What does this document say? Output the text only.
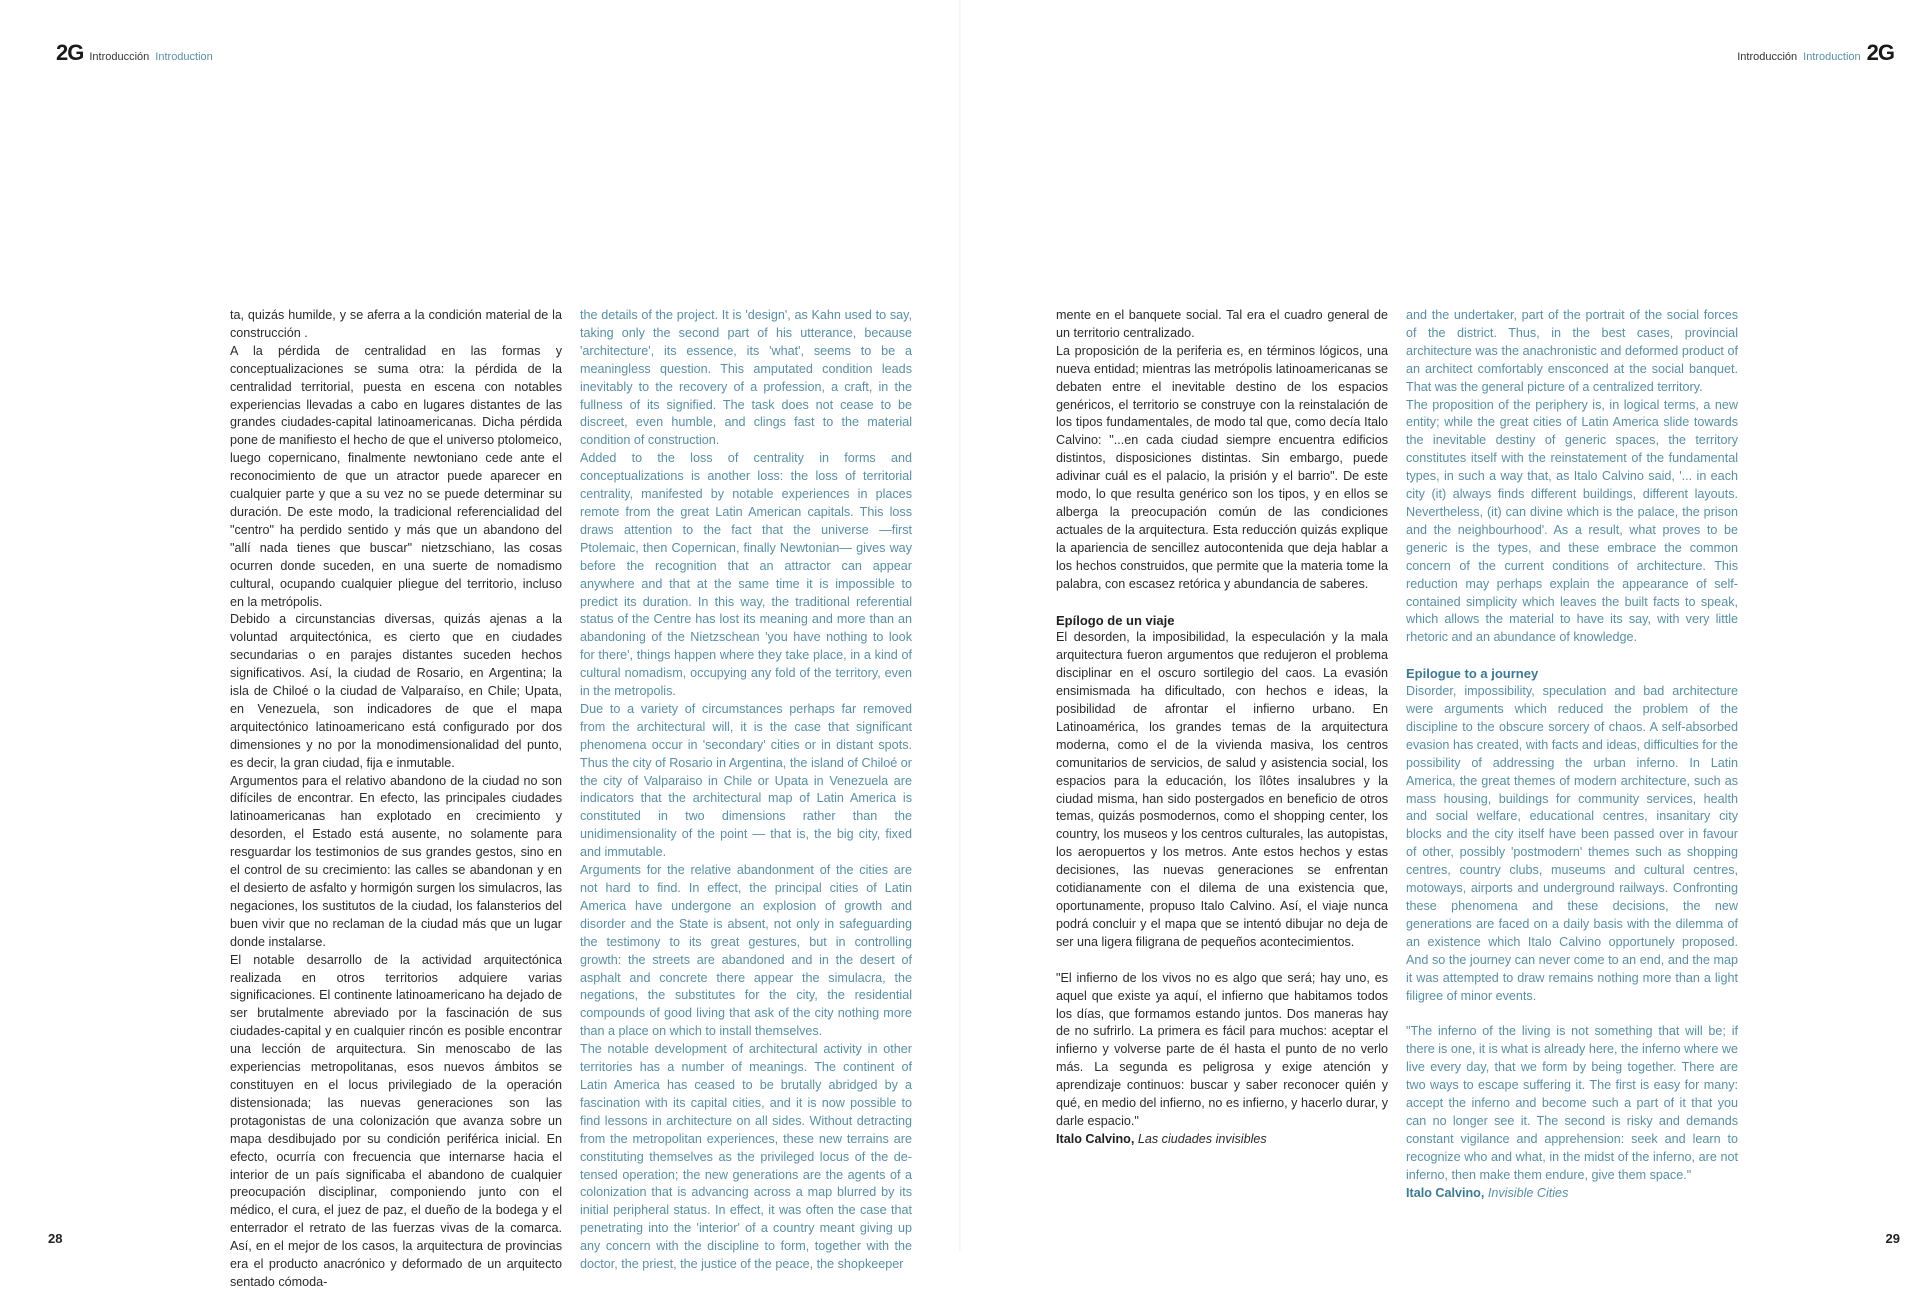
2G Introducción Introduction	Introducción Introduction 2G

ta, quizás humilde, y se aferra a la condición material de la construcción .

A la pérdida de centralidad en las formas y conceptualizaciones se suma otra: la pérdida de la centralidad territorial, puesta en escena con notables experiencias llevadas a cabo en lugares distantes de las grandes ciudades-capital latinoamericanas. Dicha pérdida pone de manifiesto el hecho de que el universo ptolomeico, luego copernicano, finalmente newtoniano cede ante el reconocimiento de que un atractor puede aparecer en cualquier parte y que a su vez no se puede determinar su duración. De este modo, la tradicional referencialidad del "centro" ha perdido sentido y más que un abandono del "allí nada tienes que buscar" nietzschiano, las cosas ocurren donde suceden, en una suerte de nomadismo cultural, ocupando cualquier pliegue del territorio, incluso en la metrópolis.

Debido a circunstancias diversas, quizás ajenas a la voluntad arquitectónica, es cierto que en ciudades secundarias o en parajes distantes suceden hechos significativos. Así, la ciudad de Rosario, en Argentina; la isla de Chiloé o la ciudad de Valparaíso, en Chile; Upata, en Venezuela, son indicadores de que el mapa arquitectónico latinoamericano está configurado por dos dimensiones y no por la monodimensionalidad del punto, es decir, la gran ciudad, fija e inmutable.

Argumentos para el relativo abandono de la ciudad no son difíciles de encontrar. En efecto, las principales ciudades latinoamericanas han explotado en crecimiento y desorden, el Estado está ausente, no solamente para resguardar los testimonios de sus grandes gestos, sino en el control de su crecimiento: las calles se abandonan y en el desierto de asfalto y hormigón surgen los simulacros, las negaciones, los sustitutos de la ciudad, los falansterios del buen vivir que no reclaman de la ciudad más que un lugar donde instalarse.

El notable desarrollo de la actividad arquitectónica realizada en otros territorios adquiere varias significaciones. El continente latinoamericano ha dejado de ser brutalmente abreviado por la fascinación de sus ciudades-capital y en cualquier rincón es posible encontrar una lección de arquitectura. Sin menoscabo de las experiencias metropolitanas, esos nuevos ámbitos se constituyen en el locus privilegiado de la operación distensionada; las nuevas generaciones son las protagonistas de una colonización que avanza sobre un mapa desdibujado por su condición periférica inicial. En efecto, ocurría con frecuencia que internarse hacia el interior de un país significaba el abandono de cualquier preocupación disciplinar, componiendo junto con el médico, el cura, el juez de paz, el dueño de la bodega y el enterrador el retrato de las fuerzas vivas de la comarca. Así, en el mejor de los casos, la arquitectura de provincias era el producto anacrónico y deformado de un arquitecto sentado cómoda-

the details of the project. It is 'design', as Kahn used to say, taking only the second part of his utterance, because 'architecture', its essence, its 'what', seems to be a meaningless question. This amputated condition leads inevitably to the recovery of a profession, a craft, in the fullness of its signified. The task does not cease to be discreet, even humble, and clings fast to the material condition of construction.

Added to the loss of centrality in forms and conceptualizations is another loss: the loss of territorial centrality, manifested by notable experiences in places remote from the great Latin American capitals. This loss draws attention to the fact that the universe —first Ptolemaic, then Copernican, finally Newtonian— gives way before the recognition that an attractor can appear anywhere and that at the same time it is impossible to predict its duration. In this way, the traditional referential status of the Centre has lost its meaning and more than an abandoning of the Nietzschean 'you have nothing to look for there', things happen where they take place, in a kind of cultural nomadism, occupying any fold of the territory, even in the metropolis.

Due to a variety of circumstances perhaps far removed from the architectural will, it is the case that significant phenomena occur in 'secondary' cities or in distant spots. Thus the city of Rosario in Argentina, the island of Chiloé or the city of Valparaiso in Chile or Upata in Venezuela are indicators that the architectural map of Latin America is constituted in two dimensions rather than the unidimensionality of the point — that is, the big city, fixed and immutable.

Arguments for the relative abandonment of the cities are not hard to find. In effect, the principal cities of Latin America have undergone an explosion of growth and disorder and the State is absent, not only in safeguarding the testimony to its great gestures, but in controlling growth: the streets are abandoned and in the desert of asphalt and concrete there appear the simulacra, the negations, the substitutes for the city, the residential compounds of good living that ask of the city nothing more than a place on which to install themselves.

The notable development of architectural activity in other territories has a number of meanings. The continent of Latin America has ceased to be brutally abridged by a fascination with its capital cities, and it is now possible to find lessons in architecture on all sides. Without detracting from the metropolitan experiences, these new terrains are constituting themselves as the privileged locus of the de-tensed operation; the new generations are the agents of a colonization that is advancing across a map blurred by its initial peripheral status. In effect, it was often the case that penetrating into the 'interior' of a country meant giving up any concern with the discipline to form, together with the doctor, the priest, the justice of the peace, the shopkeeper

mente en el banquete social. Tal era el cuadro general de un territorio centralizado.

La proposición de la periferia es, en términos lógicos, una nueva entidad; mientras las metrópolis latinoamericanas se debaten entre el inevitable destino de los espacios genéricos, el territorio se construye con la reinstalación de los tipos fundamentales, de modo tal que, como decía Italo Calvino: "...en cada ciudad siempre encuentra edificios distintos, disposiciones distintas. Sin embargo, puede adivinar cuál es el palacio, la prisión y el barrio". De este modo, lo que resulta genérico son los tipos, y en ellos se alberga la preocupación común de las condiciones actuales de la arquitectura. Esta reducción quizás explique la apariencia de sencillez autocontenida que deja hablar a los hechos construidos, que permite que la materia tome la palabra, con escasez retórica y abundancia de saberes.

Epílogo de un viaje

El desorden, la imposibilidad, la especulación y la mala arquitectura fueron argumentos que redujeron el problema disciplinar en el oscuro sortilegio del caos. La evasión ensimismada ha dificultado, con hechos e ideas, la posibilidad de afrontar el infierno urbano. En Latinoamérica, los grandes temas de la arquitectura moderna, como el de la vivienda masiva, los centros comunitarios de servicios, de salud y asistencia social, los espacios para la educación, los îlôtes insalubres y la ciudad misma, han sido postergados en beneficio de otros temas, quizás posmodernos, como el shopping center, los country, los museos y los centros culturales, las autopistas, los aeropuertos y los metros. Ante estos hechos y estas decisiones, las nuevas generaciones se enfrentan cotidianamente con el dilema de una existencia que, oportunamente, propuso Italo Calvino. Así, el viaje nunca podrá concluir y el mapa que se intentó dibujar no deja de ser una ligera filigrana de pequeños acontecimientos.

"El infierno de los vivos no es algo que será; hay uno, es aquel que existe ya aquí, el infierno que habitamos todos los días, que formamos estando juntos. Dos maneras hay de no sufrirlo. La primera es fácil para muchos: aceptar el infierno y volverse parte de él hasta el punto de no verlo más. La segunda es peligrosa y exige atención y aprendizaje continuos: buscar y saber reconocer quién y qué, en medio del infierno, no es infierno, y hacerlo durar, y darle espacio."

Italo Calvino, Las ciudades invisibles

and the undertaker, part of the portrait of the social forces of the district. Thus, in the best cases, provincial architecture was the anachronistic and deformed product of an architect comfortably ensconced at the social banquet. That was the general picture of a centralized territory.

The proposition of the periphery is, in logical terms, a new entity; while the great cities of Latin America slide towards the inevitable destiny of generic spaces, the territory constitutes itself with the reinstatement of the fundamental types, in such a way that, as Italo Calvino said, '... in each city (it) always finds different buildings, different layouts. Nevertheless, (it) can divine which is the palace, the prison and the neighbourhood'. As a result, what proves to be generic is the types, and these embrace the common concern of the current conditions of architecture. This reduction may perhaps explain the appearance of self-contained simplicity which leaves the built facts to speak, which allows the material to have its say, with very little rhetoric and an abundance of knowledge.

Epilogue to a journey

Disorder, impossibility, speculation and bad architecture were arguments which reduced the problem of the discipline to the obscure sorcery of chaos. A self-absorbed evasion has created, with facts and ideas, difficulties for the possibility of addressing the urban inferno. In Latin America, the great themes of modern architecture, such as mass housing, buildings for community services, health and social welfare, educational centres, insanitary city blocks and the city itself have been passed over in favour of other, possibly 'postmodern' themes such as shopping centres, country clubs, museums and cultural centres, motoways, airports and underground railways. Confronting these phenomena and these decisions, the new generations are faced on a daily basis with the dilemma of an existence which Italo Calvino opportunely proposed. And so the journey can never come to an end, and the map it was attempted to draw remains nothing more than a light filigree of minor events.

"The inferno of the living is not something that will be; if there is one, it is what is already here, the inferno where we live every day, that we form by being together. There are two ways to escape suffering it. The first is easy for many: accept the inferno and become such a part of it that you can no longer see it. The second is risky and demands constant vigilance and apprehension: seek and learn to recognize who and what, in the midst of the inferno, are not inferno, then make them endure, give them space."

Italo Calvino, Invisible Cities

28	29
